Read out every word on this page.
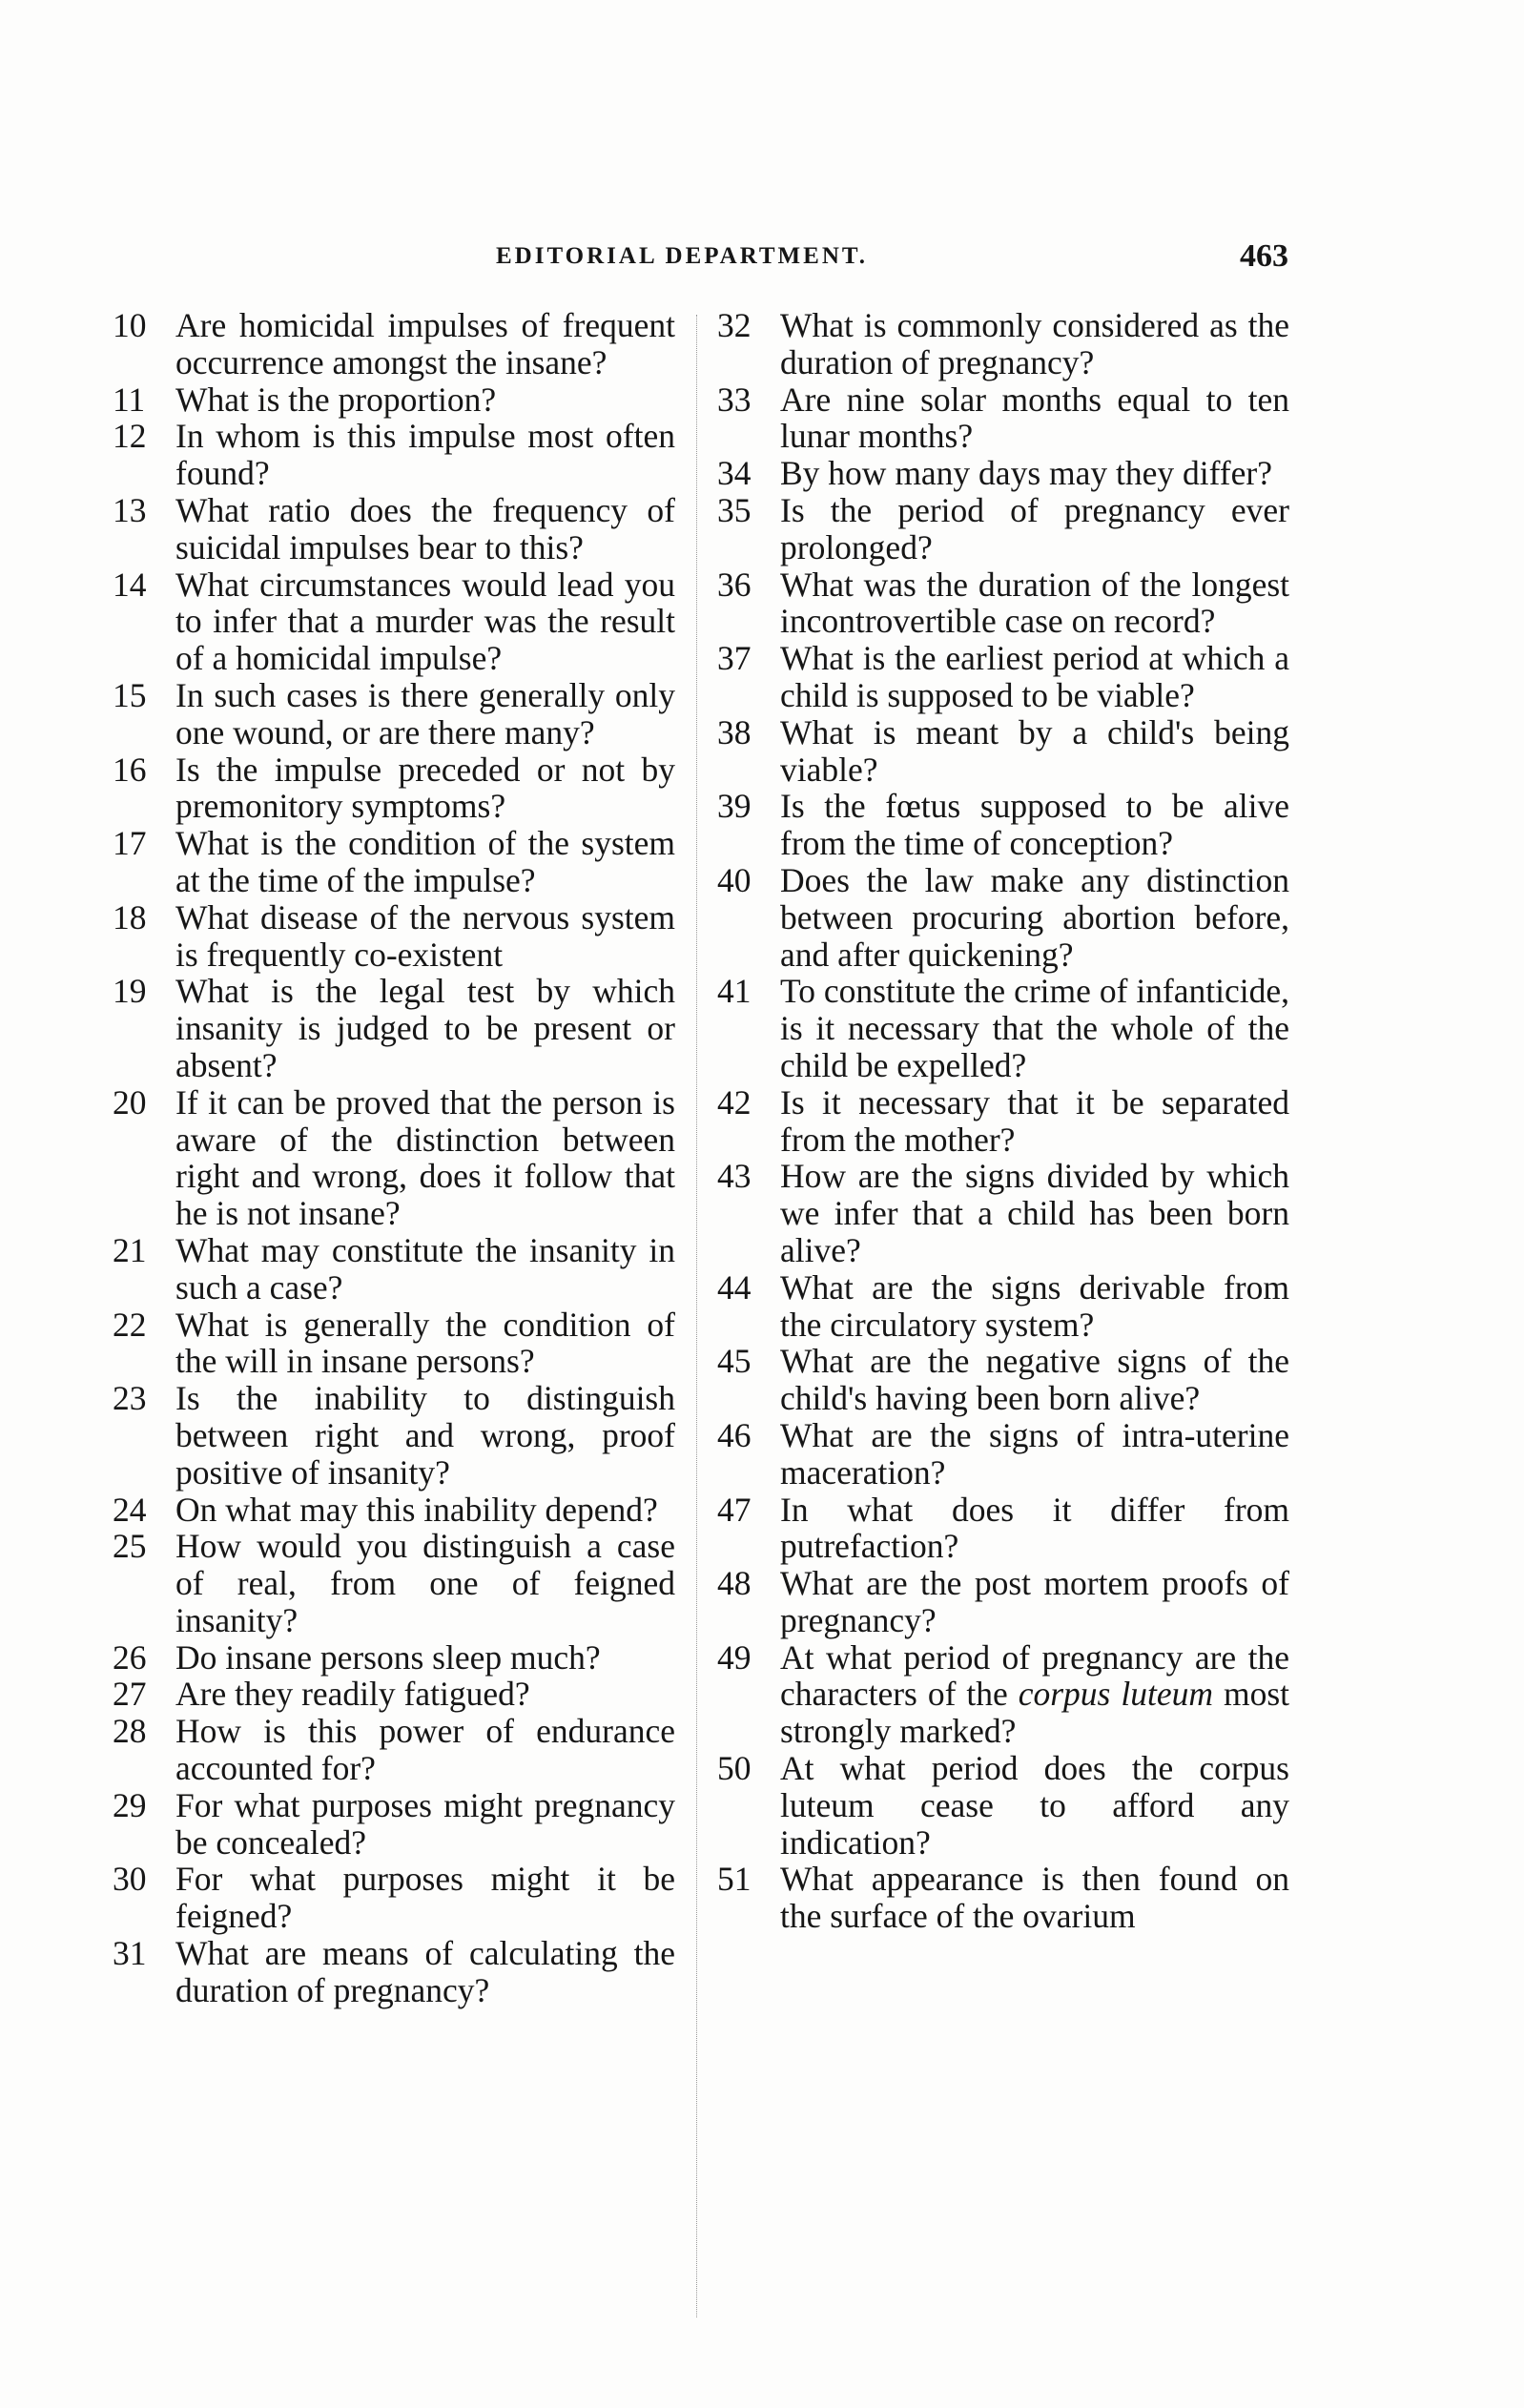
EDITORIAL DEPARTMENT.	463
10 Are homicidal impulses of frequent occurrence amongst the insane?
11 What is the proportion?
12 In whom is this impulse most often found?
13 What ratio does the frequency of suicidal impulses bear to this?
14 What circumstances would lead you to infer that a murder was the result of a homicidal impulse?
15 In such cases is there generally only one wound, or are there many?
16 Is the impulse preceded or not by premonitory symptoms?
17 What is the condition of the system at the time of the impulse?
18 What disease of the nervous system is frequently co-existent
19 What is the legal test by which insanity is judged to be present or absent?
20 If it can be proved that the person is aware of the distinction between right and wrong, does it follow that he is not insane?
21 What may constitute the insanity in such a case?
22 What is generally the condition of the will in insane persons?
23 Is the inability to distinguish between right and wrong, proof positive of insanity?
24 On what may this inability depend?
25 How would you distinguish a case of real, from one of feigned insanity?
26 Do insane persons sleep much?
27 Are they readily fatigued?
28 How is this power of endurance accounted for?
29 For what purposes might pregnancy be concealed?
30 For what purposes might it be feigned?
31 What are means of calculating the duration of pregnancy?
32 What is commonly considered as the duration of pregnancy?
33 Are nine solar months equal to ten lunar months?
34 By how many days may they differ?
35 Is the period of pregnancy ever prolonged?
36 What was the duration of the longest incontrovertible case on record?
37 What is the earliest period at which a child is supposed to be viable?
38 What is meant by a child's being viable?
39 Is the fœtus supposed to be alive from the time of conception?
40 Does the law make any distinction between procuring abortion before, and after quickening?
41 To constitute the crime of infanticide, is it necessary that the whole of the child be expelled?
42 Is it necessary that it be separated from the mother?
43 How are the signs divided by which we infer that a child has been born alive?
44 What are the signs derivable from the circulatory system?
45 What are the negative signs of the child's having been born alive?
46 What are the signs of intra-uterine maceration?
47 In what does it differ from putrefaction?
48 What are the post mortem proofs of pregnancy?
49 At what period of pregnancy are the characters of the corpus luteum most strongly marked?
50 At what period does the corpus luteum cease to afford any indication?
51 What appearance is then found on the surface of the ovarium
